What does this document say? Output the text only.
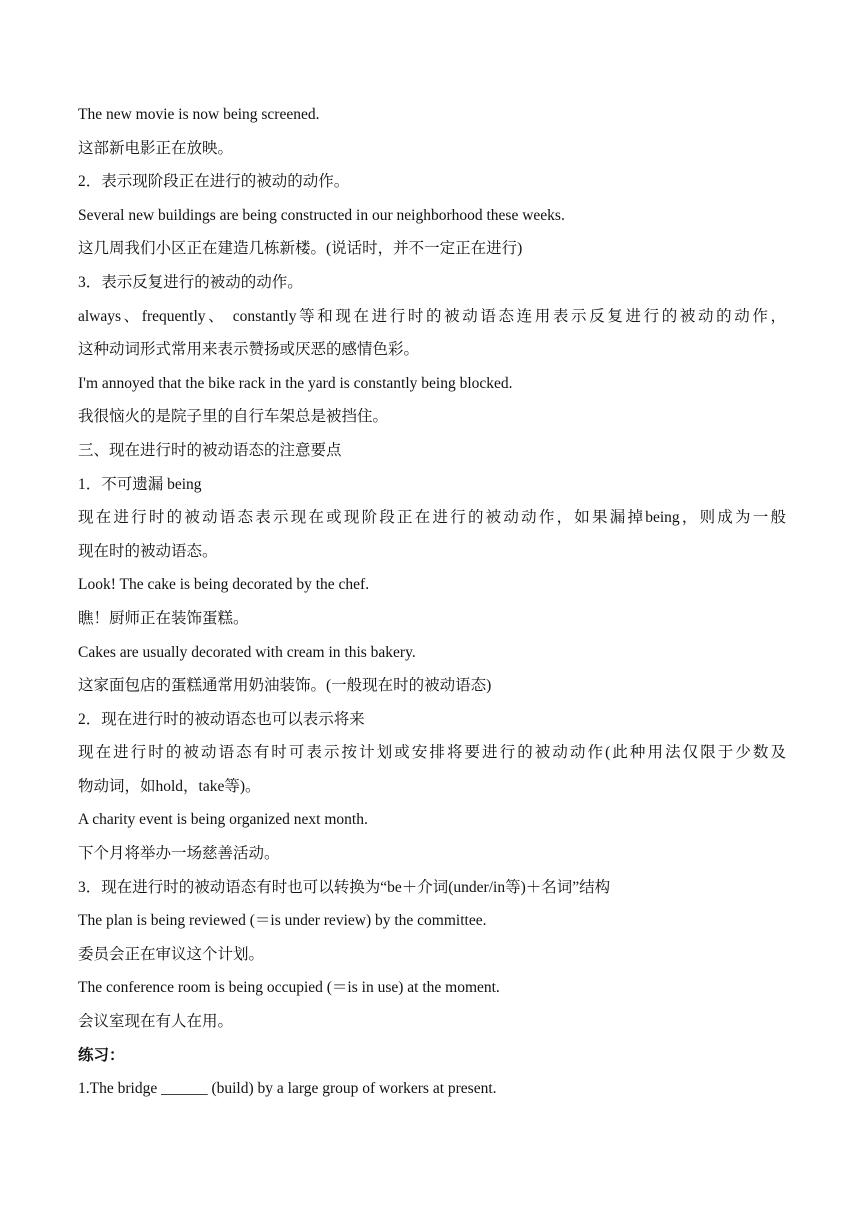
The new movie is now being screened.
这部新电影正在放映。
2．表示现阶段正在进行的被动的动作。
Several new buildings are being constructed in our neighborhood these weeks.
这几周我们小区正在建造几栋新楼。(说话时，并不一定正在进行)
3．表示反复进行的被动的动作。
always、frequently、 constantly等和现在进行时的被动语态连用表示反复进行的被动的动作，
这种动词形式常用来表示赞扬或厌恶的感情色彩。
I'm annoyed that the bike rack in the yard is constantly being blocked.
我很恼火的是院子里的自行车架总是被挡住。
三、现在进行时的被动语态的注意要点
1．不可遗漏 being
现在进行时的被动语态表示现在或现阶段正在进行的被动动作，如果漏掉being，则成为一般
现在时的被动语态。
Look! The cake is being decorated by the chef.
瞧！厨师正在装饰蛋糕。
Cakes are usually decorated with cream in this bakery.
这家面包店的蛋糕通常用奶油装饰。(一般现在时的被动语态)
2．现在进行时的被动语态也可以表示将来
现在进行时的被动语态有时可表示按计划或安排将要进行的被动动作(此种用法仅限于少数及
物动词，如hold，take等)。
A charity event is being organized next month.
下个月将举办一场慈善活动。
3．现在进行时的被动语态有时也可以转换为“be＋介词(under/in等)＋名词”结构
The plan is being reviewed (＝is under review) by the committee.
委员会正在审议这个计划。
The conference room is being occupied (＝is in use) at the moment.
会议室现在有人在用。
练习：
1.The bridge ______ (build) by a large group of workers at present.
